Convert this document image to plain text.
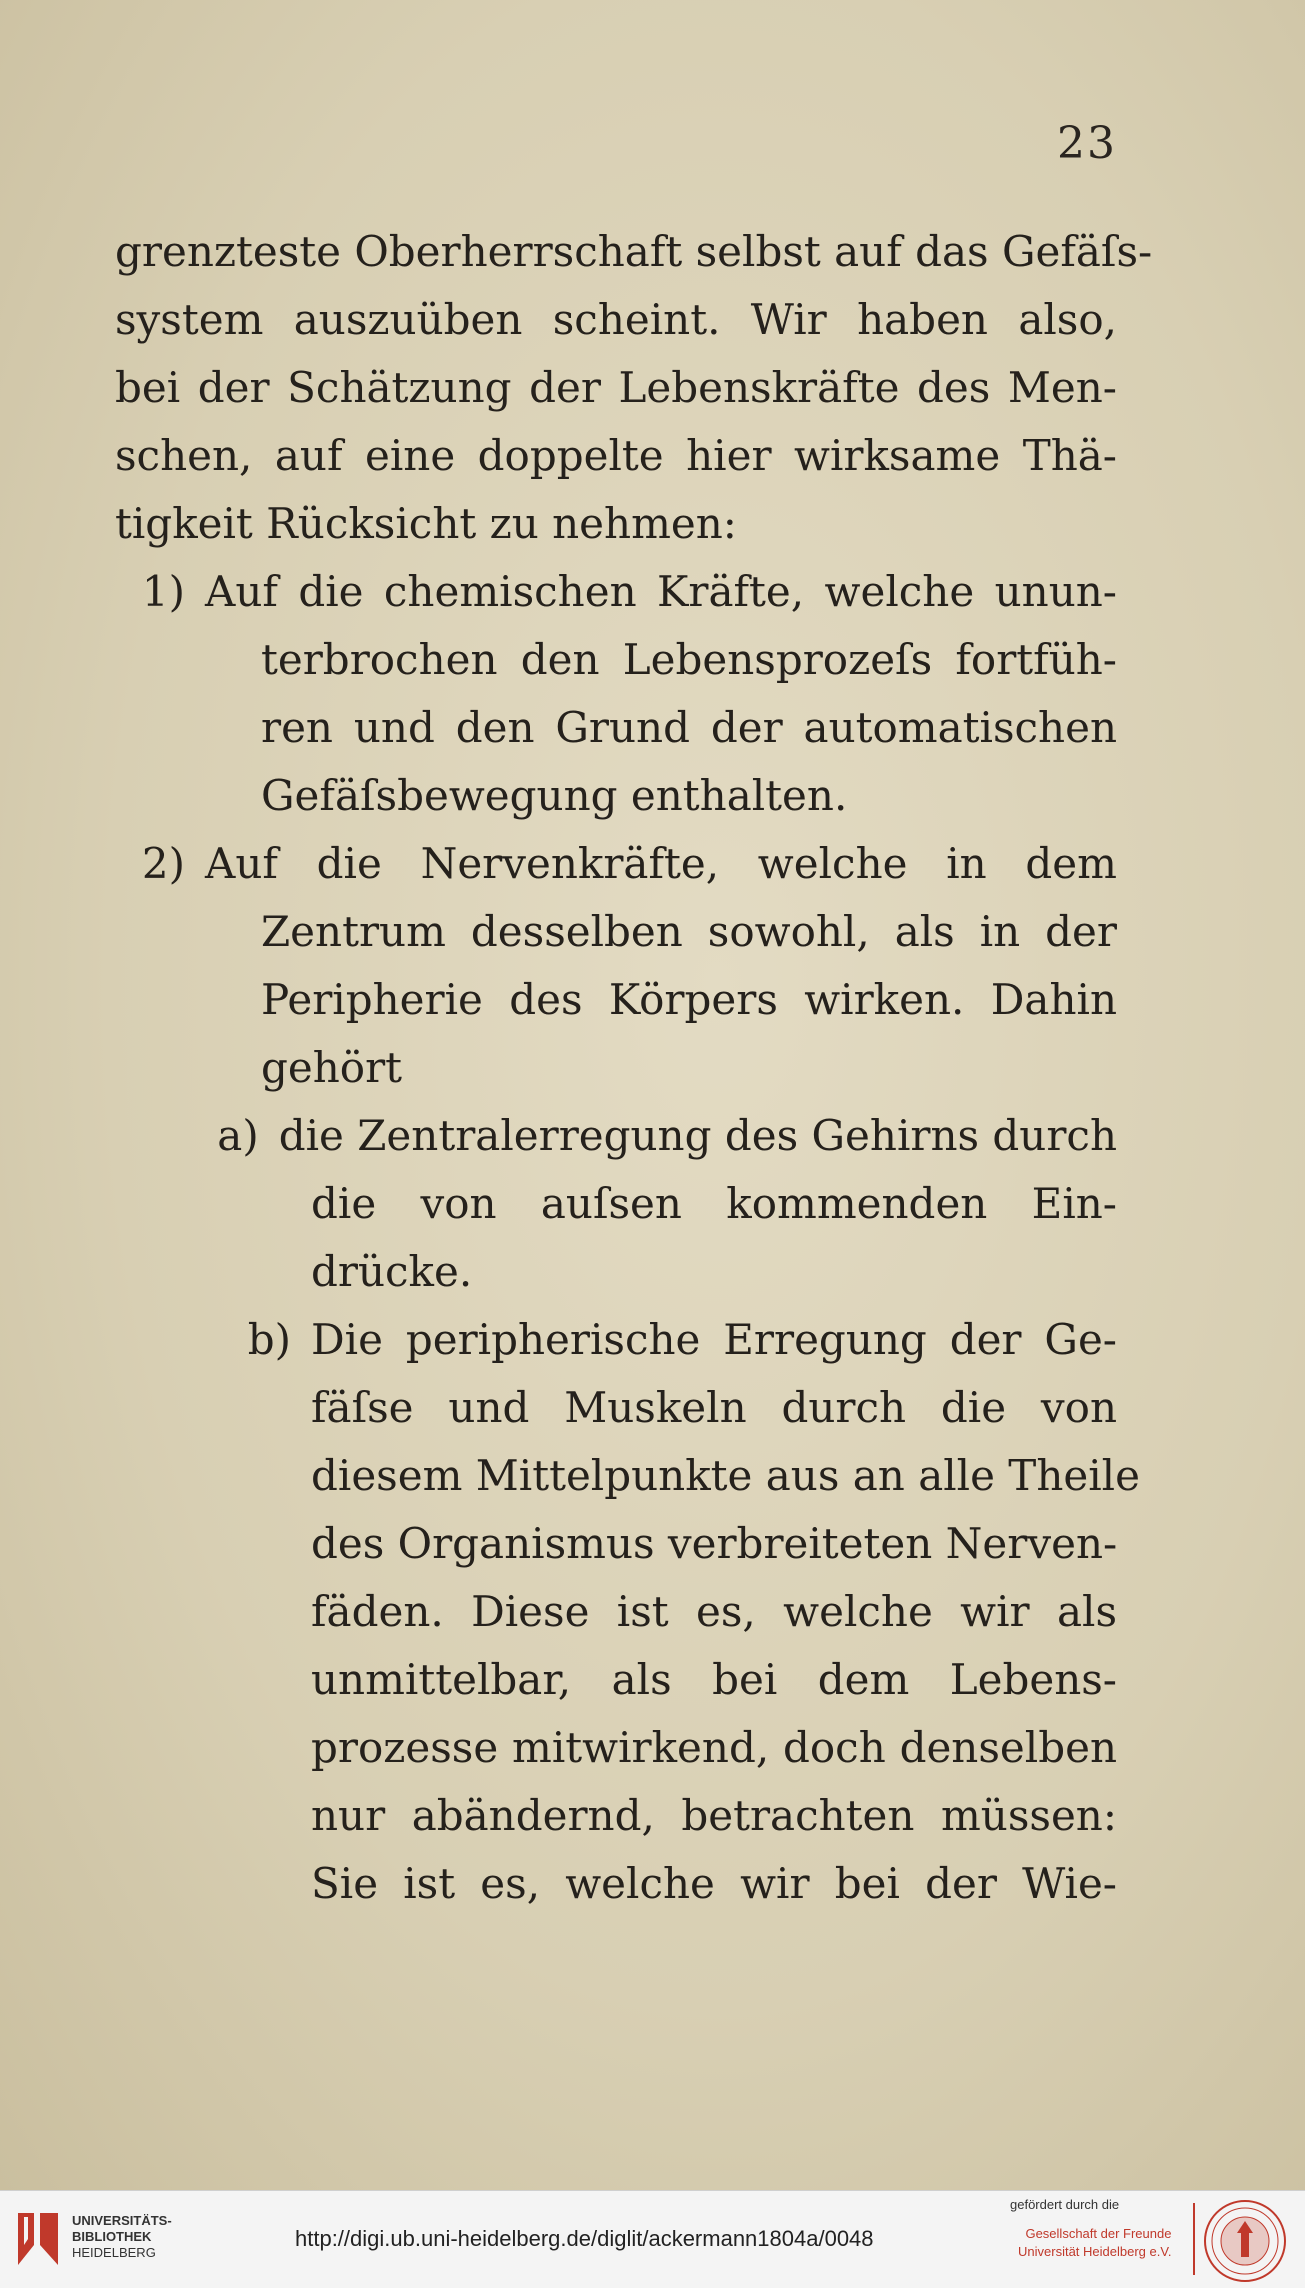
23
grenzteste Oberherrschaft selbst auf das Gefäſs-
system auszuüben scheint. Wir haben also,
bei der Schätzung der Lebenskräfte des Men-
schen, auf eine doppelte hier wirksame Thä-
tigkeit Rücksicht zu nehmen:
1) Auf die chemischen Kräfte, welche unun-
terbrochen den Lebensprozeſs fortfüh-
ren und den Grund der automatischen
Gefäſsbewegung enthalten.
2) Auf die Nervenkräfte, welche in dem
Zentrum desselben sowohl, als in der
Peripherie des Körpers wirken. Dahin
gehört
a) die Zentralerregung des Gehirns durch
die von auſsen kommenden Ein-
drücke.
b) Die peripherische Erregung der Ge-
fäſse und Muskeln durch die von
diesem Mittelpunkte aus an alle Theile
des Organismus verbreiteten Nerven-
fäden. Diese ist es, welche wir als
unmittelbar, als bei dem Lebens-
prozesse mitwirkend, doch denselben
nur abändernd, betrachten müssen:
Sie ist es, welche wir bei der Wie-
UNIVERSITÄTS-
BIBLIOTHEK
HEIDELBERG
http://digi.ub.uni-heidelberg.de/diglit/ackermann1804a/0048
gefördert durch die
Gesellschaft der Freunde
Universität Heidelberg e.V.
